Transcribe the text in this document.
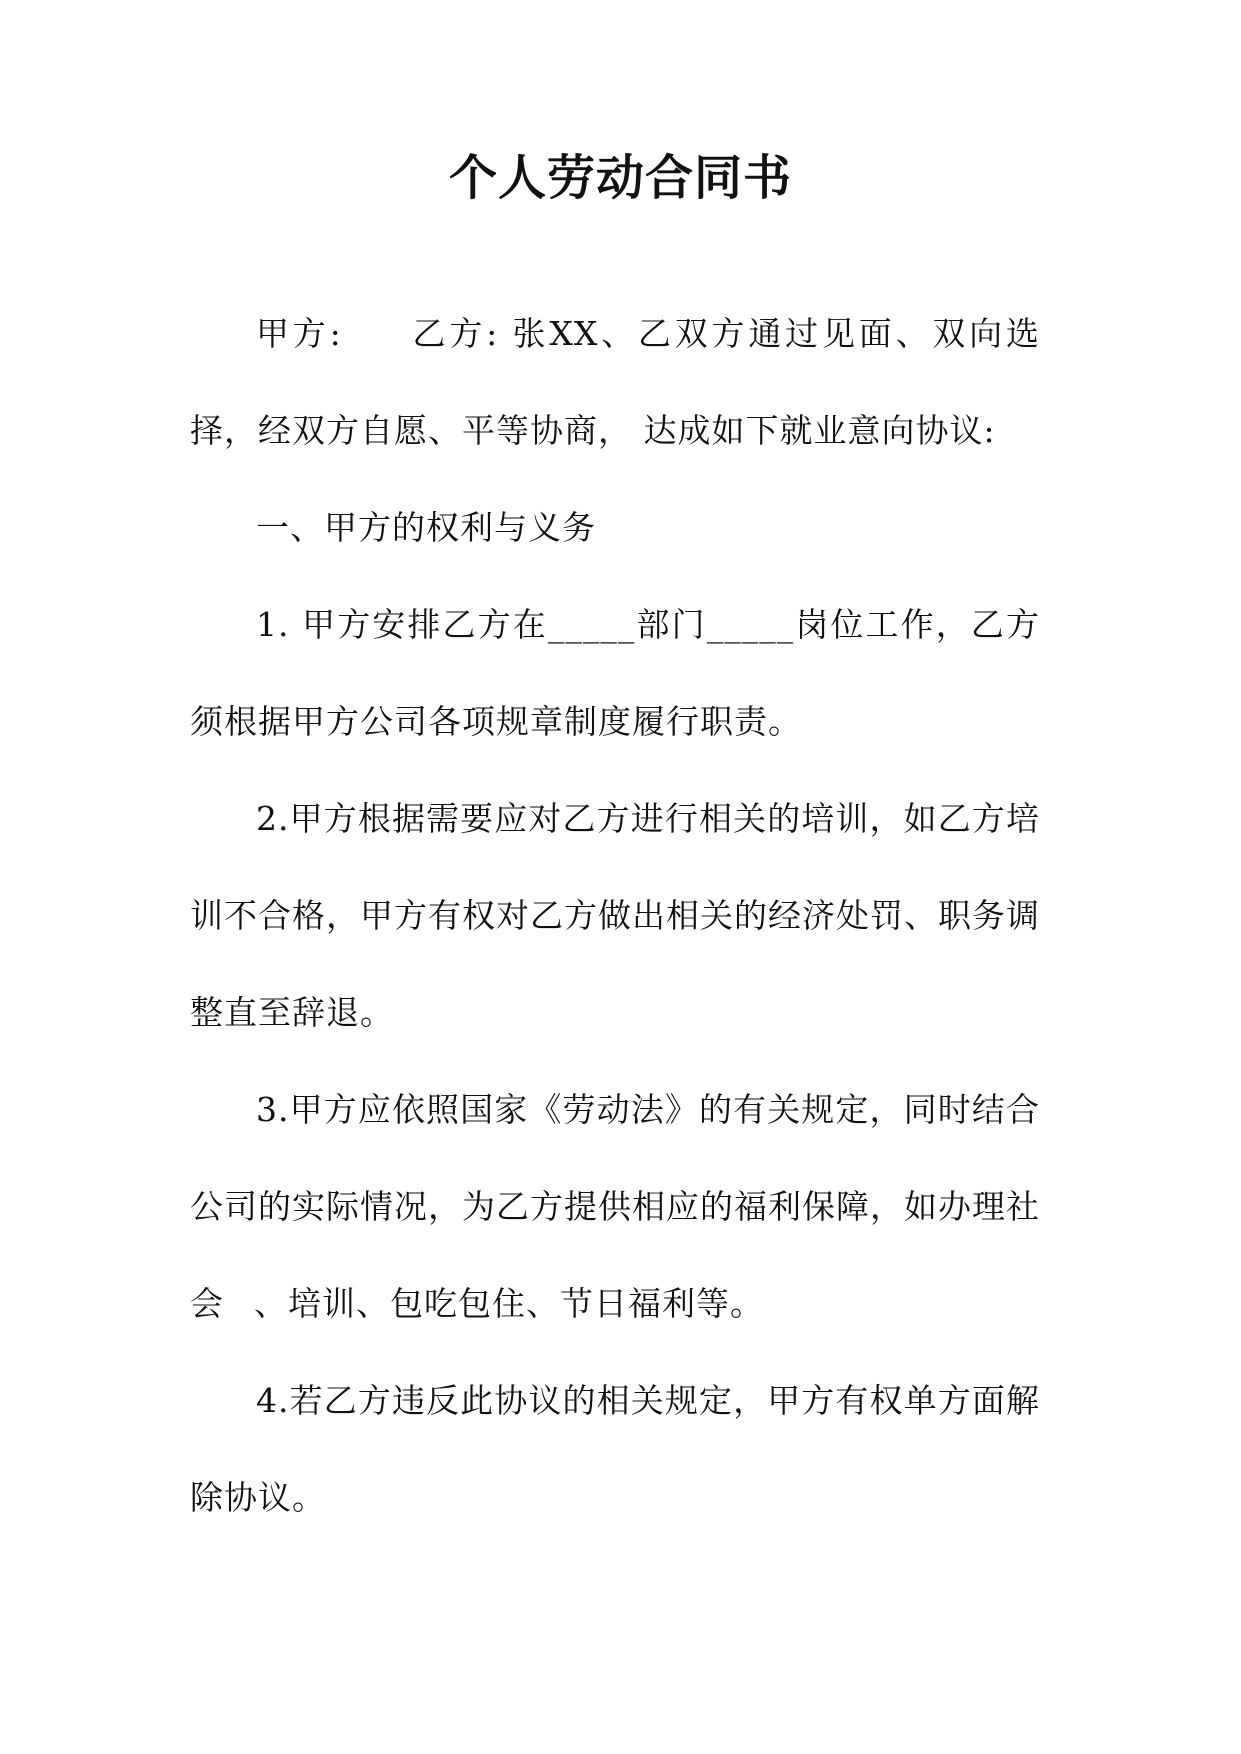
个人劳动合同书

甲方: 乙方: 张XX、乙双方通过见面、双向选择，经双方自愿、平等协商， 达成如下就业意向协议:

一、甲方的权利与义务

1. 甲方安排乙方在_____部门_____岗位工作，乙方须根据甲方公司各项规章制度履行职责。

2.甲方根据需要应对乙方进行相关的培训，如乙方培训不合格，甲方有权对乙方做出相关的经济处罚、职务调整直至辞退。

3.甲方应依照国家《劳动法》的有关规定，同时结合公司的实际情况，为乙方提供相应的福利保障，如办理社会 、培训、包吃包住、节日福利等。

4.若乙方违反此协议的相关规定，甲方有权单方面解除协议。
